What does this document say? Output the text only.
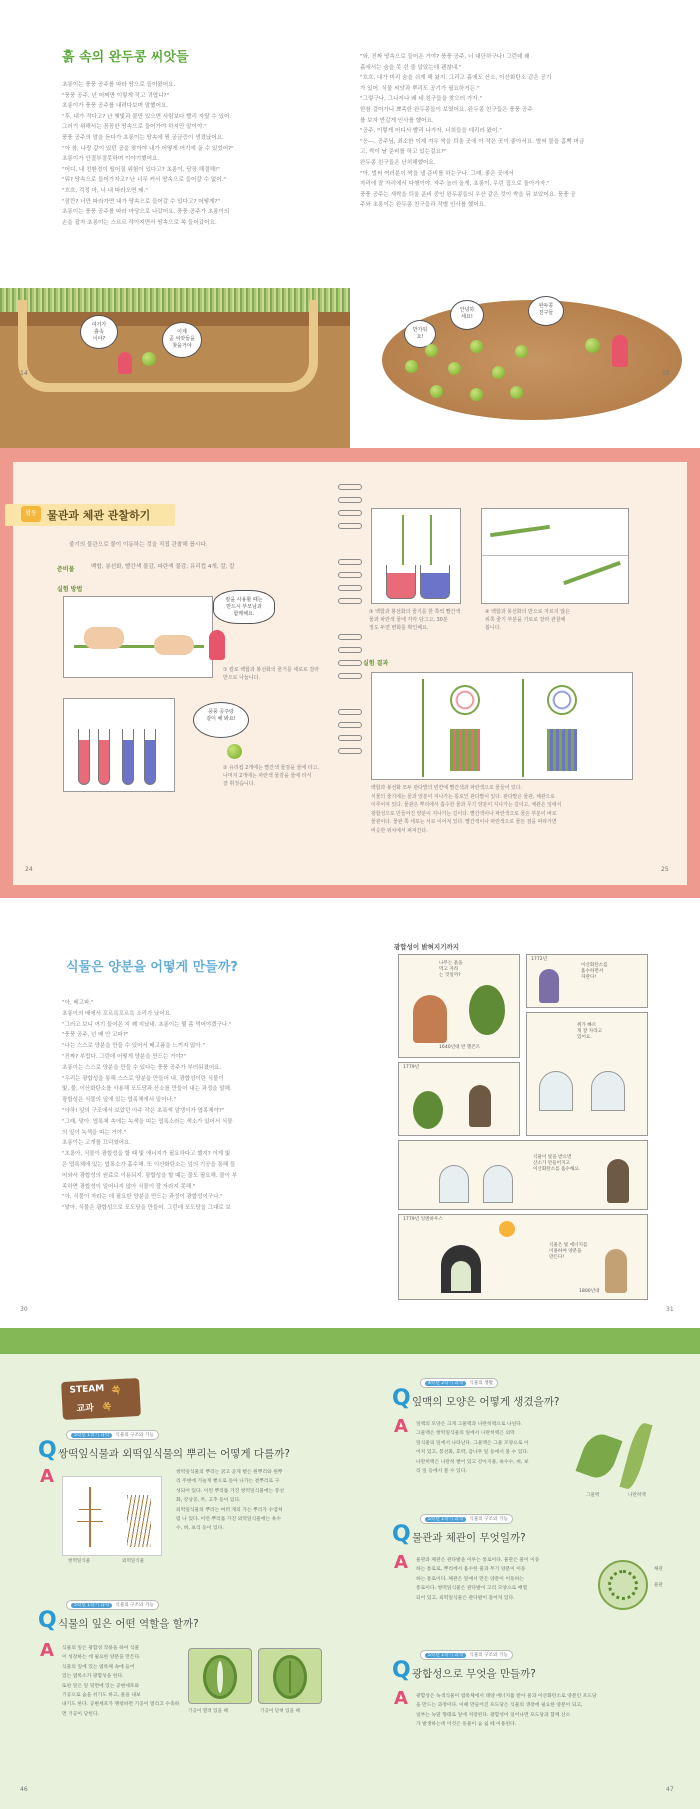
흙 속의 완두콩 씨앗들
초롱이는 풍풍 공주를 따라 땅으로 들어왔어요.
"풍풍 공주, 넌 어쩌면 이렇게 작고 귀엽니?"
초롱이가 풍풍 공주를 내려다보며 말했어요.
"후, 내가 작다고? 난 햇빛과 물만 있으면 사람보다 빨리 자랄 수 있어.
그러기 위해서는 꼼꼼한 땅속으로 들어가야 하지만 말이야."
풍풍 공주의 말을 듣다가 초롱이는 땅속에 뭔 궁금증이 생겼났어요.
"아 참, 나랑 같이 있던 공을 찾아야 내가 어떻게 여기에 올 수 있었어?"
초롱이가 안절부절못하며 이야기했어요.
"어디, 내 친환경이 떨어질 위험이 있다고? 초롱이, 당장 해결해!"
"뭐? 땅속으로 들어가자고? 난 너무 커서 땅속으로 들어갈 수 없어."
"흐흐, 걱정 마, 너 내 따라오면 돼."
"잠깐? 너만 따라가면 내가 땅속으로 들어갈 수 있다고? 어떻게?"
초롱이는 풍풍 공주를 따라 마당으로 나갔어요. 풍풍 공주가 초롱이의
손을 잡자 초롱이는 스르르 작아지면서 땅속으로 쏙 들어갔어요.
"와, 진짜 땅속으로 들어온 거야? 풍풍 공주, 너 대단하구나! 그런데 왜
흙에서는 숨을 못 쉰 줄 알았는데 괜찮네."
"흐흐, 내가 미리 숨을 쉬게 해 놨지. 그리고 흙에도 산소, 이산화탄소 같은 공기
가 있어. 식물 씨앗과 뿌리도 공기가 필요하거든."
"그렇구나, 그나저나 왜 네 친구들을 찾으러 가자."
한참 걸어가니 뾰족한 완두콩들이 보였어요. 완두콩 친구들은 풍풍 공주
를 보자 반갑게 인사를 했어요.
"공주, 이렇게 어디서 빨리 나가자. 너희들을 데리러 왔어."
"응---, 공주님, 최소한 이제 겨우 싹을 틔울 곳에 이 작은 곳이 좋아서요. 별써 물을 흠뻑 머금
고, 싹이 날 준비를 하고 있는걸요?"
완두콩 친구들은 난처해했어요.
"아, 벌써 여러분이 싹을 낼 준비를 하는구나. 그래, 좋은 곳에서
자리에 잘 자리에서 다행이야. 자주 놀러 올게, 초롱이, 우린 집으로 돌아가자."
풍풍 공주는 새싹을 틔울 준비 중인 완두콩들의 우산 같은 것이 싹을 뒤 보았어요. 풍풍 공
주와 초롱이는 완두콩 친구들과 작별 인사를 했어요.
여기가
흙속
이야?
이제
곧 씨앗들을
찾을거야
14
안녕하
세요!
반가워
요!
완두콩
친구들
15
활동 물관과 체관 관찰하기
줄기의 물관으로 물이 이동하는 것을 직접 관찰해 봅시다.
준비물	백합, 봉선화, 빨간색 물감, 파란색 물감, 유리컵 4개, 칼, 칼
실험 방법
칼을 사용할 때는
반드시 부모님과
함께해요.
① 칼로 백합과 봉선화의 줄기를 세로로 잘라
반으로 나눕니다.
풍풍 공주랑
같이 해 봐요!
② 유리컵 2개에는 빨간색 물감을 물에 타고,
나머지 2개에는 파란색 물감을 물에 타서
잘 휘젓습니다.
24
③ 백합과 봉선화의 줄기를 한 쪽씩 빨간색
물과 파란색 물에 각각 담그고, 30분
정도 두면 변화를 확인해요.
④ 백합과 봉선화의 반으로 자르지 않은
위쪽 줄기 부분을 가로로 잘라 관찰해
봅니다.
실험 결과
백합과 봉선화 모두 관다발의 빈칸에 빨간색과 파란색으로 물들어 있다.
식물의 줄기에는 물과 양분이 지나가는 통로인 관다발이 있다. 관다발은 물관, 체관으로
이루어져 있다. 물관은 뿌리에서 흡수한 물과 무기 양분이 지나가는 길이고, 체관은 잎에서
광합성으로 만들어진 양분이 지나가는 길이다. 빨간색이나 파란색으로 물든 부분이 바로
물관이다. 물관 쪽 세포는 서로 이어져 있다. 빨간색이나 파란색으로 물든 점을 따라가면
비슷한 위치에서 퍼져간다.
25
식물은 양분을 어떻게 만들까?
"아, 배고파."
초롱이의 배에서 꼬르륵꼬르륵 소리가 났어요.
"그러고 보니 여기 들어온 지 꽤 지났네. 초롱이는 뭘 좀 먹어야겠구나."
"풍풍 공주, 넌 배 안 고파?"
"나는 스스로 양분을 만들 수 있어서 배고픔을 느끼지 않아."
"진짜? 부럽다. 그런데 어떻게 양분을 만드는 거야?"
초롱이는 스스로 양분을 만들 수 있다는 풍풍 공주가 부러워졌어요.
"우리는 광합성을 통해 스스로 양분을 만들어 내. 광합성이란 식물이
빛, 물, 이산화탄소를 사용해 포도당과 산소를 만들어 내는 과정을 말해.
광합성은 식물의 잎에 있는 엽록체에서 일어나."
"아하! 잎의 구조에서 보았던 아주 작은 초록색 알갱이가 엽록체야?"
"그래, 맞아. 엽록체 속에는 녹색을 띠는 엽록소라는 색소가 있어서 식물
의 잎이 녹색을 띠는 거야."
초롱이는 고개를 끄덕였어요.
"초롱아, 식물이 광합성을 할 때 빛 에너지가 필요하다고 했지? 이게 빛
은 엽록체에 있는 엽록소가 흡수해. 또 이산화탄소는 잎의 기공을 통해 들
어와서 광합성의 원료로 이용되지. 광합성을 할 때는 물도 필요해. 물이 부
족하면 광합성이 일어나지 않아 식물이 잘 자라지 못해."
"아, 식물이 자라는 데 필요한 양분을 만드는 과정이 광합성이구나."
"맞아. 식물은 광합성으로 포도당을 만들어. 그런데 포도당을 그대로 보
30
광합성이 밝혀지기까지
나무는 흙을
먹고 자라
는 것일까?
1640년대 반 헬몬트
이산화탄소를
흡수하면서
자란다!
1772년
1779년
쥐가 빠르
게 잘 자라고
있어요.
식물이 빛을 받으면
산소가 만들어지고
이산화탄소를 흡수해요.
1779년 잉엔하우스
식물은 빛 에너지를
이용하여 양분을
만든다!
1800년대
31
STEAM 쏙
교과 쏙
5학년 1학기 과학 식물의 구조와 기능
Q 쌍떡잎식물과 외떡잎식물의 뿌리는 어떻게 다를까?
A	쌍떡잎식물의 뿌리는 굵고 곧게 뻗은 원뿌리와 원뿌
리 주변에 가늘게 뻗으로 돋아 나가는 곁뿌리로 구
성되어 있다. 이런 뿌리를 가진 쌍떡잎식물에는 봉선
화, 강낭콩, 무, 고추 등이 있다.
외떡잎식물의 뿌리는 여러 개의 가는 뿌리가 수염처
럼 나 있다. 이런 뿌리를 가진 외떡잎식물에는 옥수
수, 벼, 보리 등이 있다.
쌍떡잎식물	외떡잎식물
5학년 1학기 과학 식물의 구조와 기능
Q 식물의 잎은 어떤 역할을 할까?
A 식물의 잎은 광합성 작용을 하여 식물
이 성장하는 데 필요한 양분을 만든다.
식물의 잎에 있는 엽록체 속에 들어
있는 엽록소가 광합성을 한다.
또한 잎은 잎 뒷면에 있는 공변세포와
기공으로 숨을 쉬기도 하고, 물을 내보
내기도 한다. 공변세포가 팽창하면 기공이 열리고 수축하면 기공이 닫힌다.
기공이 열려 있을 때	기공이 닫혀 있을 때
46
4학년 2학기 과학 식물의 생활
Q 잎맥의 모양은 어떻게 생겼을까?
A 잎맥의 모양은 크게 그물맥과 나란히맥으로 나뉜다.
그물맥은 쌍떡잎식물의 잎에서 나란히맥은 외떡
잎식물의 잎에서 나타난다. 그물맥은 그물 모양으로 이
어져 있고, 봉선화, 호박, 감나무 잎 등에서 볼 수 있다.
나란히맥은 나란히 뻗어 있고 강아지풀, 옥수수, 벼, 보
리 잎 등에서 볼 수 있다.
그물맥	나란히맥
5학년 1학기 과학 식물의 구조와 기능
Q 물관과 체관이 무엇일까?
A 물관과 체관은 관다발을 이루는 통로이다. 물관은 물이 이동
하는 통로로, 뿌리에서 흡수한 물과 무기 양분이 이동
하는 통로이다. 체관은 잎에서 만든 양분이 이동하는
통로이다. 쌍떡잎식물은 관다발이 고리 모양으로 배열
되어 있고, 외떡잎식물은 관다발이 흩어져 있다.
체관
물관
5학년 1학기 과학 식물의 구조와 기능
Q 광합성으로 무엇을 만들까?
A 광합성은 녹색식물이 엽록체에서 태양 에너지를 받아 물과 이산화탄소로 양분인 포도당
을 만드는 과정이다. 이때 만들어진 포도당은 식물의 생장에 필요한 양분이 되고,
일부는 녹말 형태로 잎에 저장된다. 광합성이 일어나면 포도당과 함께 산소
가 발생하는데 이것은 동물이 숨 쉴 때 이용된다.
47
